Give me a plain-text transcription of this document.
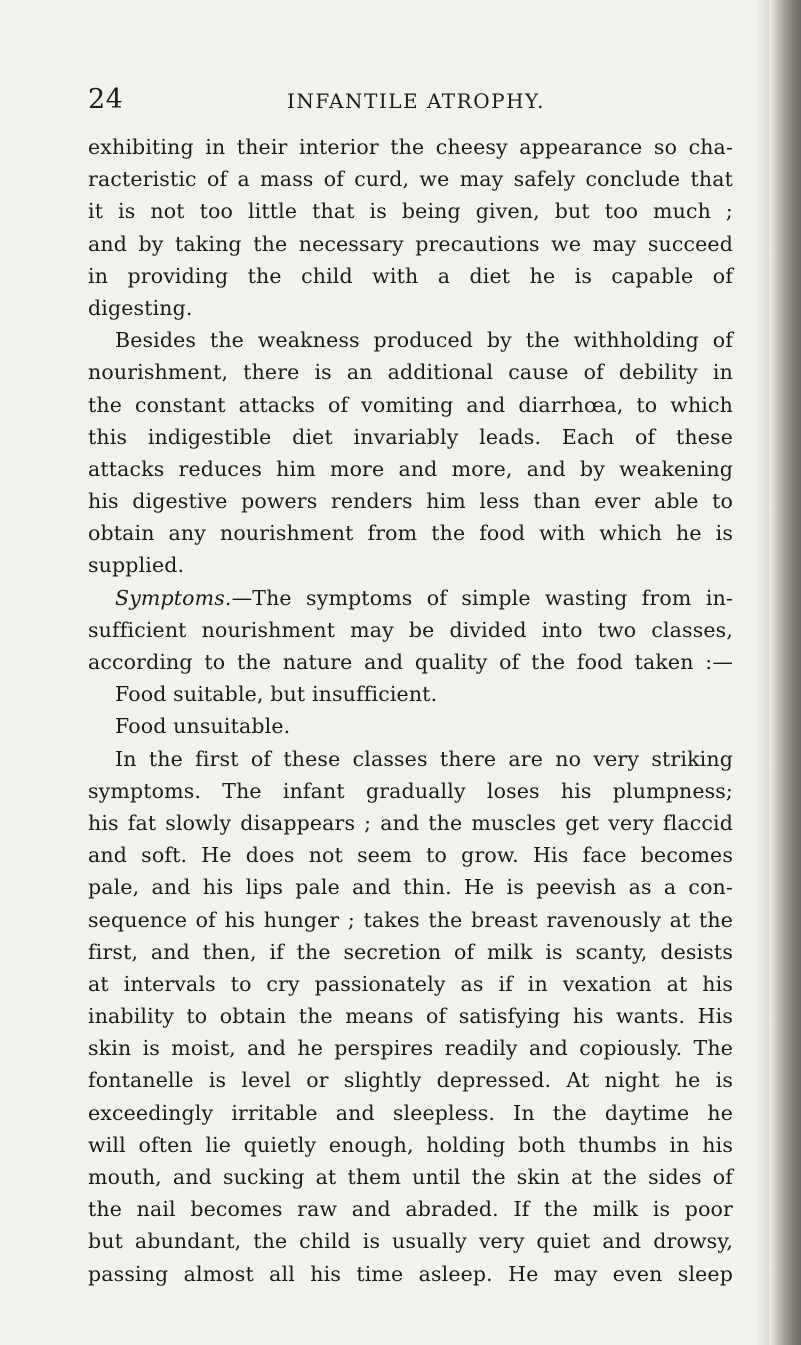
24	INFANTILE ATROPHY.
exhibiting in their interior the cheesy appearance so cha-
racteristic of a mass of curd, we may safely conclude that
it is not too little that is being given, but too much ;
and by taking the necessary precautions we may succeed
in providing the child with a diet he is capable of
digesting.
Besides the weakness produced by the withholding of
nourishment, there is an additional cause of debility in
the constant attacks of vomiting and diarrhœa, to which
this indigestible diet invariably leads. Each of these
attacks reduces him more and more, and by weakening
his digestive powers renders him less than ever able to
obtain any nourishment from the food with which he is
supplied.
Symptoms.—The symptoms of simple wasting from in-
sufficient nourishment may be divided into two classes,
according to the nature and quality of the food taken :—
Food suitable, but insufficient.
Food unsuitable.
In the first of these classes there are no very striking
symptoms. The infant gradually loses his plumpness;
his fat slowly disappears ; and the muscles get very flaccid
and soft. He does not seem to grow. His face becomes
pale, and his lips pale and thin. He is peevish as a con-
sequence of his hunger ; takes the breast ravenously at the
first, and then, if the secretion of milk is scanty, desists
at intervals to cry passionately as if in vexation at his
inability to obtain the means of satisfying his wants. His
skin is moist, and he perspires readily and copiously. The
fontanelle is level or slightly depressed. At night he is
exceedingly irritable and sleepless. In the daytime he
will often lie quietly enough, holding both thumbs in his
mouth, and sucking at them until the skin at the sides of
the nail becomes raw and abraded. If the milk is poor
but abundant, the child is usually very quiet and drowsy,
passing almost all his time asleep. He may even sleep
